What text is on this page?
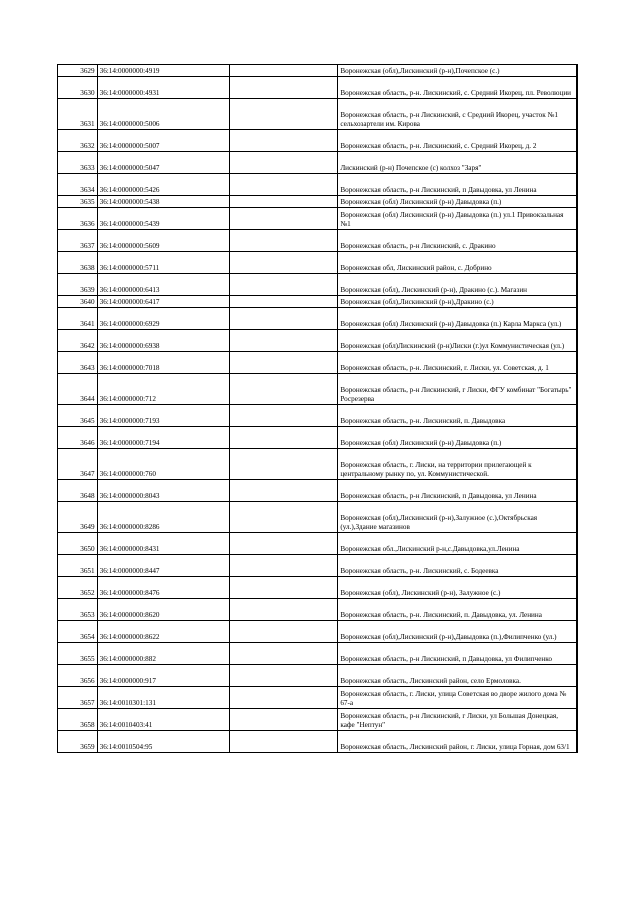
3629	36:14:0000000:4919		Воронежская (обл),Лискинский (р-н),Почепское (с.)	
3630	36:14:0000000:4931		Воронежская область, р-н. Лискинский, с. Средний Икорец, пл. Революции	
3631	36:14:0000000:5006		Воронежская область, р-н Лискинский, с Средний Икорец, участок №1 сельхозартели им. Кирова	
3632	36:14:0000000:5007		Воронежская область, р-н. Лискинский, с. Средний Икорец, д. 2	
3633	36:14:0000000:5047		Лискинский (р-н) Почепское (с) колхоз "Заря"	
3634	36:14:0000000:5426		Воронежская область, р-н Лискинский, п Давыдовка, ул Ленина	
3635	36:14:0000000:5438		Воронежская (обл) Лискинский (р-н) Давыдовка (п.)	
3636	36:14:0000000:5439		Воронежская (обл) Лискинский (р-н) Давыдовка (п.) ул.1 Привокзальная №1	
3637	36:14:0000000:5609		Воронежская область, р-н Лискинский, с. Дракино	
3638	36:14:0000000:5711		Воронежская обл, Лискинский район, с. Добрино	
3639	36:14:0000000:6413		Воронежская (обл), Лискинский (р-н), Дракино (с.). Магазин	
3640	36:14:0000000:6417		Воронежская (обл),Лискинский (р-н),Дракино (с.)	
3641	36:14:0000000:6929		Воронежская (обл) Лискинский (р-н) Давыдовка (п.) Карла Маркса (ул.)	
3642	36:14:0000000:6938		Воронежская (обл)Лискинский (р-н)Лиски (г.)ул Коммунистическая (ул.)	
3643	36:14:0000000:7018		Воронежская область, р-н. Лискинский, г. Лиски, ул. Советская, д. 1	
3644	36:14:0000000:712		Воронежская область, р-н Лискинский, г Лиски, ФГУ комбинат "Богатырь" Росрезерва	
3645	36:14:0000000:7193		Воронежская область, р-н. Лискинский, п. Давыдовка	
3646	36:14:0000000:7194		Воронежская (обл) Лискинский (р-н) Давыдовка (п.)	
3647	36:14:0000000:760		Воронежская область, г. Лиски, на территории прилегающей к центральному рынку по, ул. Коммунистической.	
3648	36:14:0000000:8043		Воронежская область, р-н Лискинский, п Давыдовка, ул Ленина	
3649	36:14:0000000:8286		Воронежская (обл),Лискинский (р-н),Залужное (с.),Октябрьская (ул.),Здание магазинов	
3650	36:14:0000000:8431		Воронежская обл.,Лискинский р-н,с.Давыдовка,ул.Ленина	
3651	36:14:0000000:8447		Воронежская область, р-н. Лискинский, с. Бодеевка	
3652	36:14:0000000:8476		Воронежская (обл), Лискинский (р-н), Залужное (с.)	
3653	36:14:0000000:8620		Воронежская область, р-н. Лискинский, п. Давыдовка, ул. Ленина	
3654	36:14:0000000:8622		Воронежская (обл),Лискинский (р-н),Давыдовка (п.),Филипченко (ул.)	
3655	36:14:0000000:882		Воронежская область, р-н Лискинский, п Давыдовка, ул Филипченко	
3656	36:14:0000000:917		Воронежская область, Лискинский район, село Ермоловка.	
3657	36:14:0010301:131		Воронежская область, г. Лиски, улица Советская во дворе жилого дома № 67-а	
3658	36:14:0010403:41		Воронежская область, р-н Лискинский, г Лиски, ул Большая Донецкая, кафе "Нептун"	
3659	36:14:0010504:95		Воронежская область, Лискинский район, г. Лиски, улица Горная, дом 63/1	
